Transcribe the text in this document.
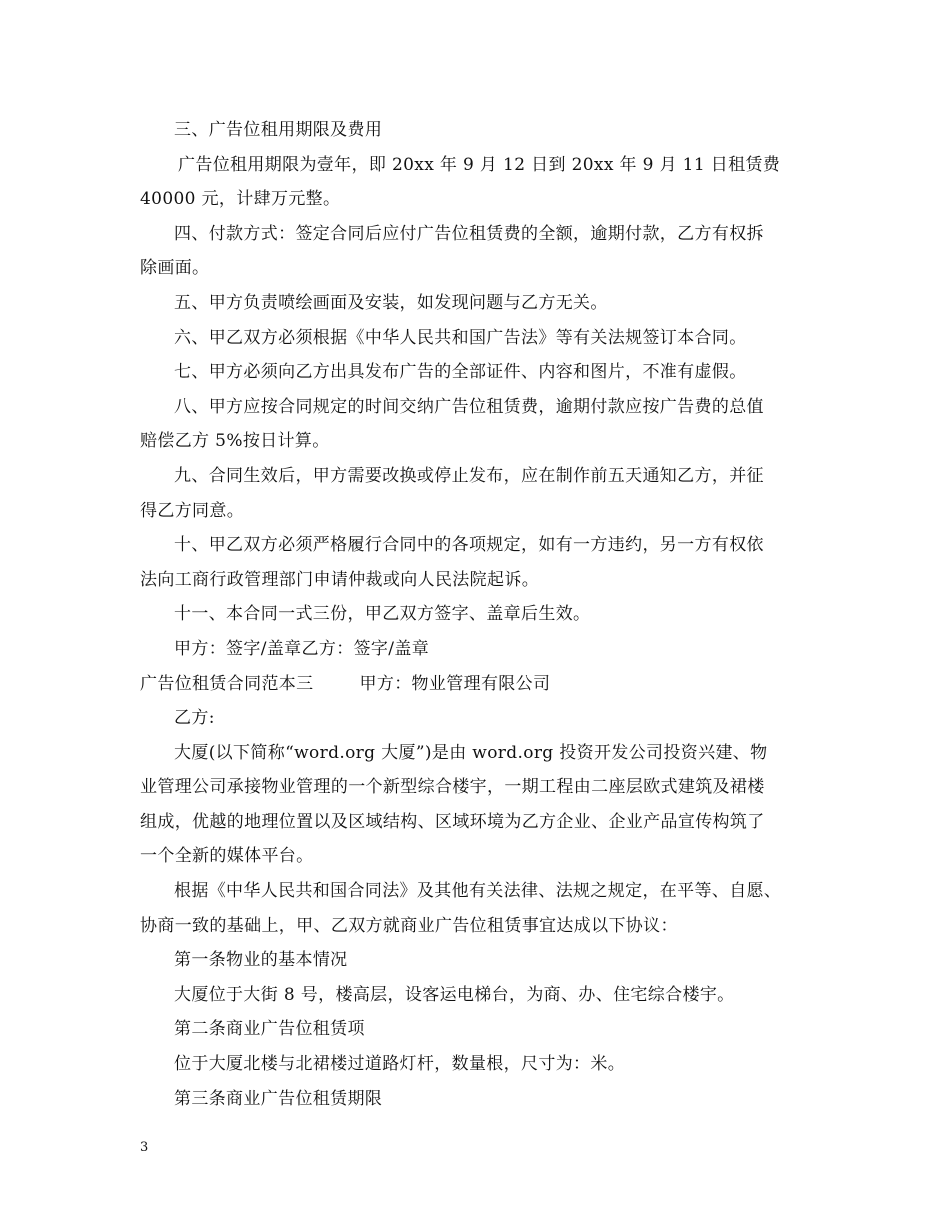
三、广告位租用期限及费用
广告位租用期限为壹年，即 20xx 年 9 月 12 日到 20xx 年 9 月 11 日租赁费
40000 元，计肆万元整。
四、付款方式：签定合同后应付广告位租赁费的全额，逾期付款，乙方有权拆
除画面。
五、甲方负责喷绘画面及安装，如发现问题与乙方无关。
六、甲乙双方必须根据《中华人民共和国广告法》等有关法规签订本合同。
七、甲方必须向乙方出具发布广告的全部证件、内容和图片，不准有虚假。
八、甲方应按合同规定的时间交纳广告位租赁费，逾期付款应按广告费的总值
赔偿乙方 5%按日计算。
九、合同生效后，甲方需要改换或停止发布，应在制作前五天通知乙方，并征
得乙方同意。
十、甲乙双方必须严格履行合同中的各项规定，如有一方违约，另一方有权依
法向工商行政管理部门申请仲裁或向人民法院起诉。
十一、本合同一式三份，甲乙双方签字、盖章后生效。
甲方：签字/盖章乙方：签字/盖章
广告位租赁合同范本三	甲方：物业管理有限公司
乙方:
大厦(以下简称“word.org 大厦”)是由 word.org 投资开发公司投资兴建、物
业管理公司承接物业管理的一个新型综合楼宇，一期工程由二座层欧式建筑及裙楼
组成，优越的地理位置以及区域结构、区域环境为乙方企业、企业产品宣传构筑了
一个全新的媒体平台。
根据《中华人民共和国合同法》及其他有关法律、法规之规定，在平等、自愿、
协商一致的基础上，甲、乙双方就商业广告位租赁事宜达成以下协议：
第一条物业的基本情况
大厦位于大街 8 号，楼高层，设客运电梯台，为商、办、住宅综合楼宇。
第二条商业广告位租赁项
位于大厦北楼与北裙楼过道路灯杆，数量根，尺寸为：米。
第三条商业广告位租赁期限
3
